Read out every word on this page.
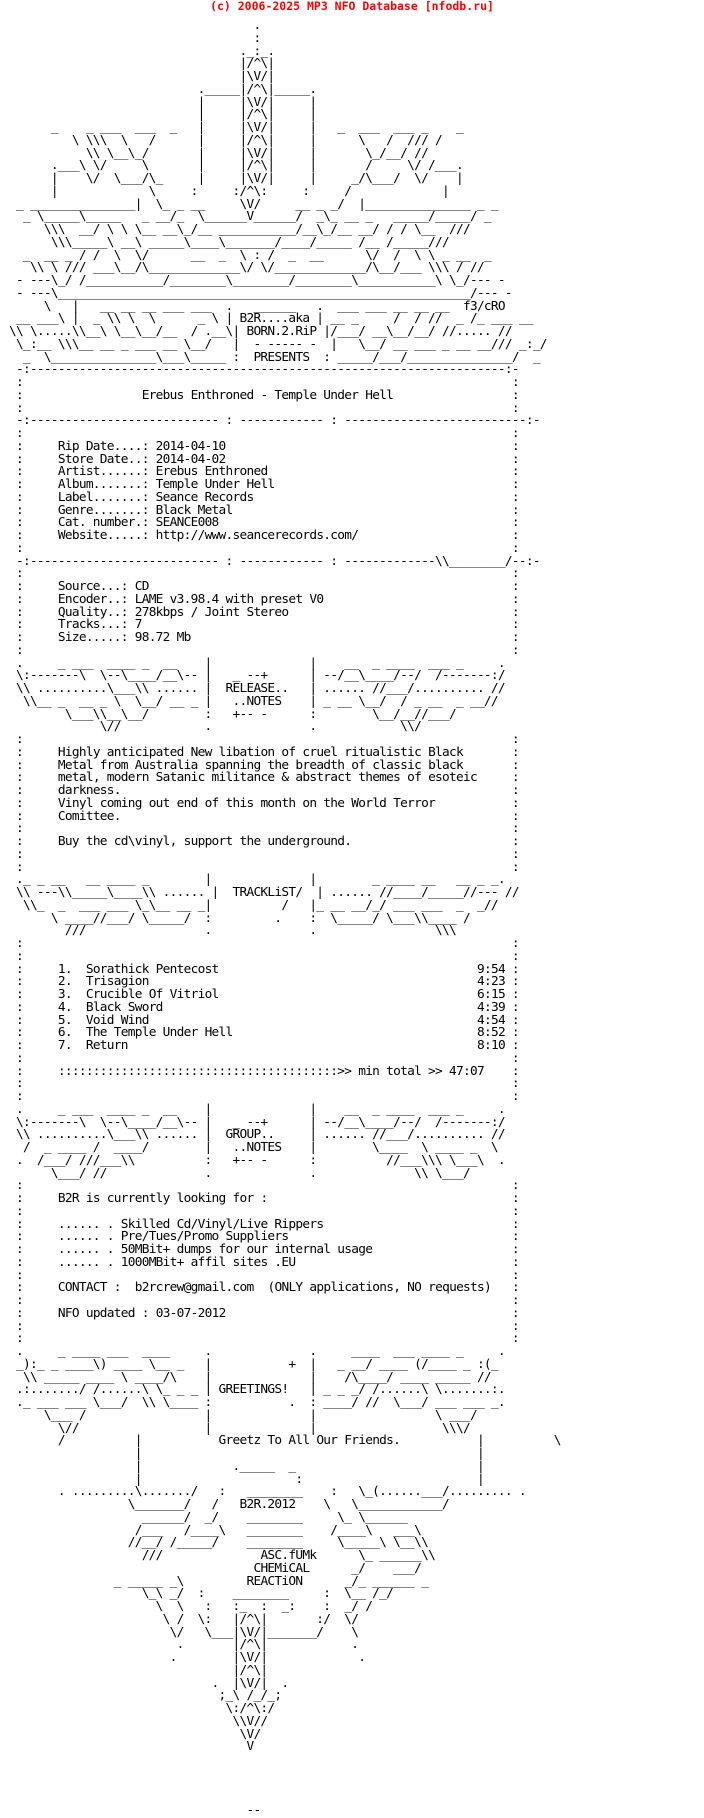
(c) 2006-2025 MP3 NFO Database [nfodb.ru]
.
:
._:_.
|/^\|
|\V/|
._____|/^\|_____.
|     |\V/|     |
|     |/^\|     |
_    _ ___  ___  _   |     |\V/|     |   _  ___  ___ _    _
\ \\\  \   /      |     |/^\|     |      \   /  /// /
\\ \__\_/       |     |\V/|     |       \_/__/ //
.___\ \/     \       |     |/^\|     |       /     \/ /___.
|    \/  \___/\_     |     |\V/|     |     _/\___/  \/    |
|             \     :     :/^\:     :     /             |
_ _______________|  \_ _ __     \V/     __ _ _/  |_______________ _ _
_ \_____\_____   _ __/_  \______V______/  _\_ __ _   _____/_____/ _
\\\  __/ \ \ \__ __\_/__ ___________/__\_/__ __/ / / \__  ///
\\\_____\ __\ _____\____\_______/____/_____ /__ /_____///
_  __ _ / /  \  \/      __  _  \ : /  _  __      \/  /  \ \ _ __  _
\\ \ /// ___\__/\_____________\/ \/_____________/\__/___ \\\ / //
- ---\_/ /___________/________\________/________\___________\ \_/--- -
- ---\___________________________________________________________/--- -
\   |   __ __ __ ___ ___  .   ______   .  ___ ___ __ __ __  f3/cRO
__ ___\ |  _ \\ \  \      _ \ | B2R....aka | __ _     /  / //  _ /_ ___ __
\\ \.....\\__\ \__\__/__  / .__\| BORN.2.RiP |/___/ __\__/__/ //..... //
\_:__ \\\__ __ _ ___ __ \__/   |  - ----- -  |   \__/ __ ___ _ __ __/// _:_/
_  \_______________\___\_____ :  PRESENTS  : _____/___/_______________/  _
-:--------------------------------------------------------------------:-
:                                                                      :
:                 Erebus Enthroned - Temple Under Hell                 :
:                                                                      :
-:--------------------------- : ------------ : --------------------------:-
:                                                                      :
:     Rip Date....: 2014-04-10                                         :
:     Store Date..: 2014-04-02                                         :
:     Artist......: Erebus Enthroned                                   :
:     Album.......: Temple Under Hell                                  :
:     Label.......: Seance Records                                     :
:     Genre.......: Black Metal                                        :
:     Cat. number.: SEANCE008                                          :
:     Website.....: http://www.seancerecords.com/                      :
:                                                                      :
-:--------------------------- : ------------ : -------------\\________/--:-
:                                                                      :
:     Source...: CD                                                    :
:     Encoder..: LAME v3.98.4 with preset V0                           :
:     Quality..: 278kbps / Joint Stereo                                :
:     Tracks...: 7                                                     :
:     Size.....: 98.72 Mb                                              :
:                                                                      :
.     _ ___  ____ _  __    |              |    __  _ ____  ___ _     .
\:-------\  \--\____/__\-- |   _ --+      | --/__\____/--/  /-------:/
\\ ..........\___\\ ...... |  RELEASE..   | ...... //___/.......... //
\\__ _  __ _ \  \__/ __ _ |   ..NOTES    | _ __ \__/  / _ __  _ __//
\___\\__\__/        :   +-- -      :        \__/__//___/
\//            .              .            \\/
:                                                                      :
:     Highly anticipated New libation of cruel ritualistic Black       :
:     Metal from Australia spanning the breadth of classic black       :
:     metal, modern Satanic militance & abstract themes of esoteic     :
:     darkness.                                                        :
:     Vinyl coming out end of this month on the World Terror           :
:     Comittee.                                                        :
:                                                                      :
:     Buy the cd\vinyl, support the underground.                       :
:                                                                      :
:                                                                      :
._ _ __   __ ____ _        |              |        _ ____ __   __ _ _.
\\ ---\\_____\____\\ ...... |  TRACKLiST/  | ...... //____/_____//--- //
\\_  _  ___ ___ \_\__ __ _|          /   |_ __ __/_/ ___ ___  _  _//
\ ____//___/ \_____/  :         .    :  \_____/ \___\\____ /
///                 .              .                 \\\
:                                                                      :
:                                                                      :
:     1.  Sorathick Pentecost	9:54 :
:     2.  Trisagion	4:23 :
:     3.  Crucible Of Vitriol	6:15 :
:     4.  Black Sword	4:39 :
:     5.  Void Wind	4:54 :
:     6.  The Temple Under Hell	8:52 :
:     7.  Return	8:10 :
:                                                                      :
:     ::::::::::::::::::::::::::::::::::::::::>> min total >> 47:07    :
:                                                                      :
:                                                                      :
.     _ ___  ____ _  __    |              |    __  _ ____  ___ _     .
\:-------\  \--\____/__\-- |   _ --+      | --/__\____/--/  /-------:/
\\ ..........\___\\ ...... |  GROUP..     | ...... //___/.......... //
/  _ ____ /  ____/        |   ..NOTES    |        \____  \ ____ _  \
.  /___/ ///___\\          :   +-- -      :          //___\\\ \___\  .
\___/ //              .              .              \\ \___/
:                                                                      :
:     B2R is currently looking for :                                   :
:                                                                      :
:     ...... . Skilled Cd/Vinyl/Live Rippers                           :
:     ...... . Pre/Tues/Promo Suppliers                                :
:     ...... . 50MBit+ dumps for our internal usage                    :
:     ...... . 1000MBit+ affil sites .EU                               :
:                                                                      :
:     CONTACT : b2rcrew@gmail.com (ONLY applications, NO requests)   :
:                                                                      :
:     NFO updated : 03-07-2012                                         :
:                                                                      :
:                                                                      :
.     _ ____ ___  ____     .              .     ____  ___ ____ _     .
_):_ _ ____\) ____ \__ _   |           +  |   _ __/ ____ (/____ _ :(_
\\ _____ ____ \ ____/\    |              |    /\____/ ____ _____ //
.:......./ /......\ \_ _ _ | GREETINGS!   | _ _ _/ /......\ \.......:.
._ ___ ___ \___/  \\ \____ :           .  : ____/ //  \___/ ___ ___ _.
\___ /                 |              |                 \ ___/
\//                  |              |                  \\\/
/          |           Greetz To All Our Friends.           |          \
|                                                |
|             ._____  _                          |
|                      :                         |
. .........\......./   :   ________    :   \_(......___/......... .
\_______/   /   B2R.2012    \   \____________/
______/  _/    ________     \_ \______
/___   /____\   ________    /____\   ___\
//__/ /_____/    ________     \_____\ \__\\
///              ASC.fUMk      \_ ______\\
CHEMiCAL      _/    ___/
_ _____ _\         REACTiON      _/_ ______ _
\_\ _/  :    ________     :  \__ /_/
\  \   :   :_  :  _:    :  _/ /
\ /  \:   |/^\|       :/  \/
\/   \___|\V/|_______/    \
.       |/^\|            .
.        |\V/|             .
|/^\|
.  |\V/|  .
;_\ /_/_;
\:/^\:/
\\V//
\V/
V
--
